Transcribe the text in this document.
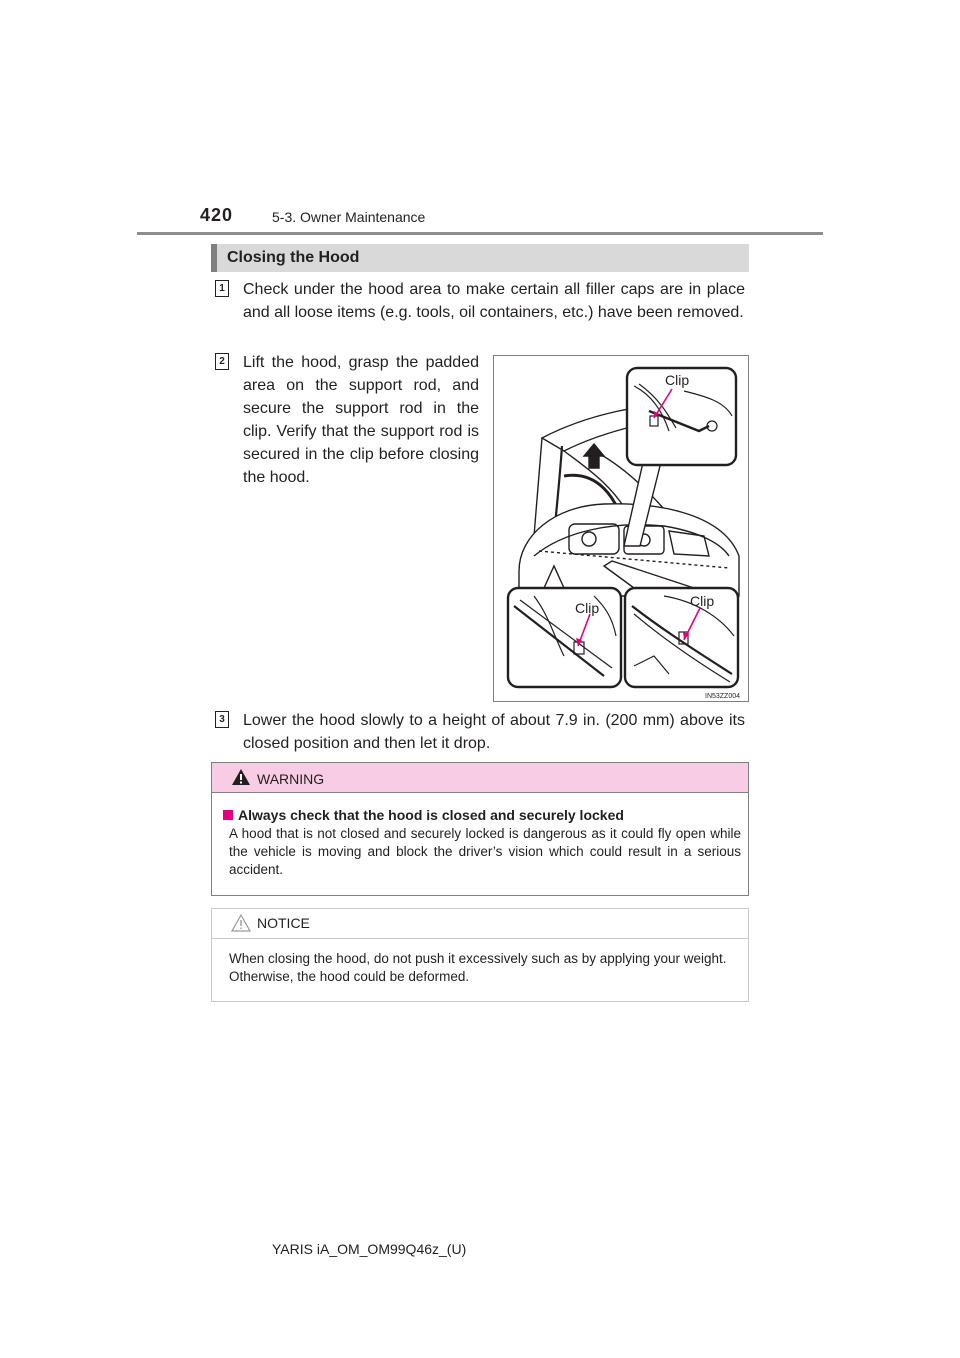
420	5-3. Owner Maintenance
Closing the Hood
1 Check under the hood area to make certain all filler caps are in place and all loose items (e.g. tools, oil containers, etc.) have been removed.
2 Lift the hood, grasp the padded area on the support rod, and secure the support rod in the clip. Verify that the support rod is secured in the clip before closing the hood.
Clip
Clip	Clip
IN53ZZ004
3 Lower the hood slowly to a height of about 7.9 in. (200 mm) above its closed position and then let it drop.
WARNING
Always check that the hood is closed and securely locked
A hood that is not closed and securely locked is dangerous as it could fly open while the vehicle is moving and block the driver’s vision which could result in a serious accident.
NOTICE
When closing the hood, do not push it excessively such as by applying your weight. Otherwise, the hood could be deformed.
YARIS iA_OM_OM99Q46z_(U)
